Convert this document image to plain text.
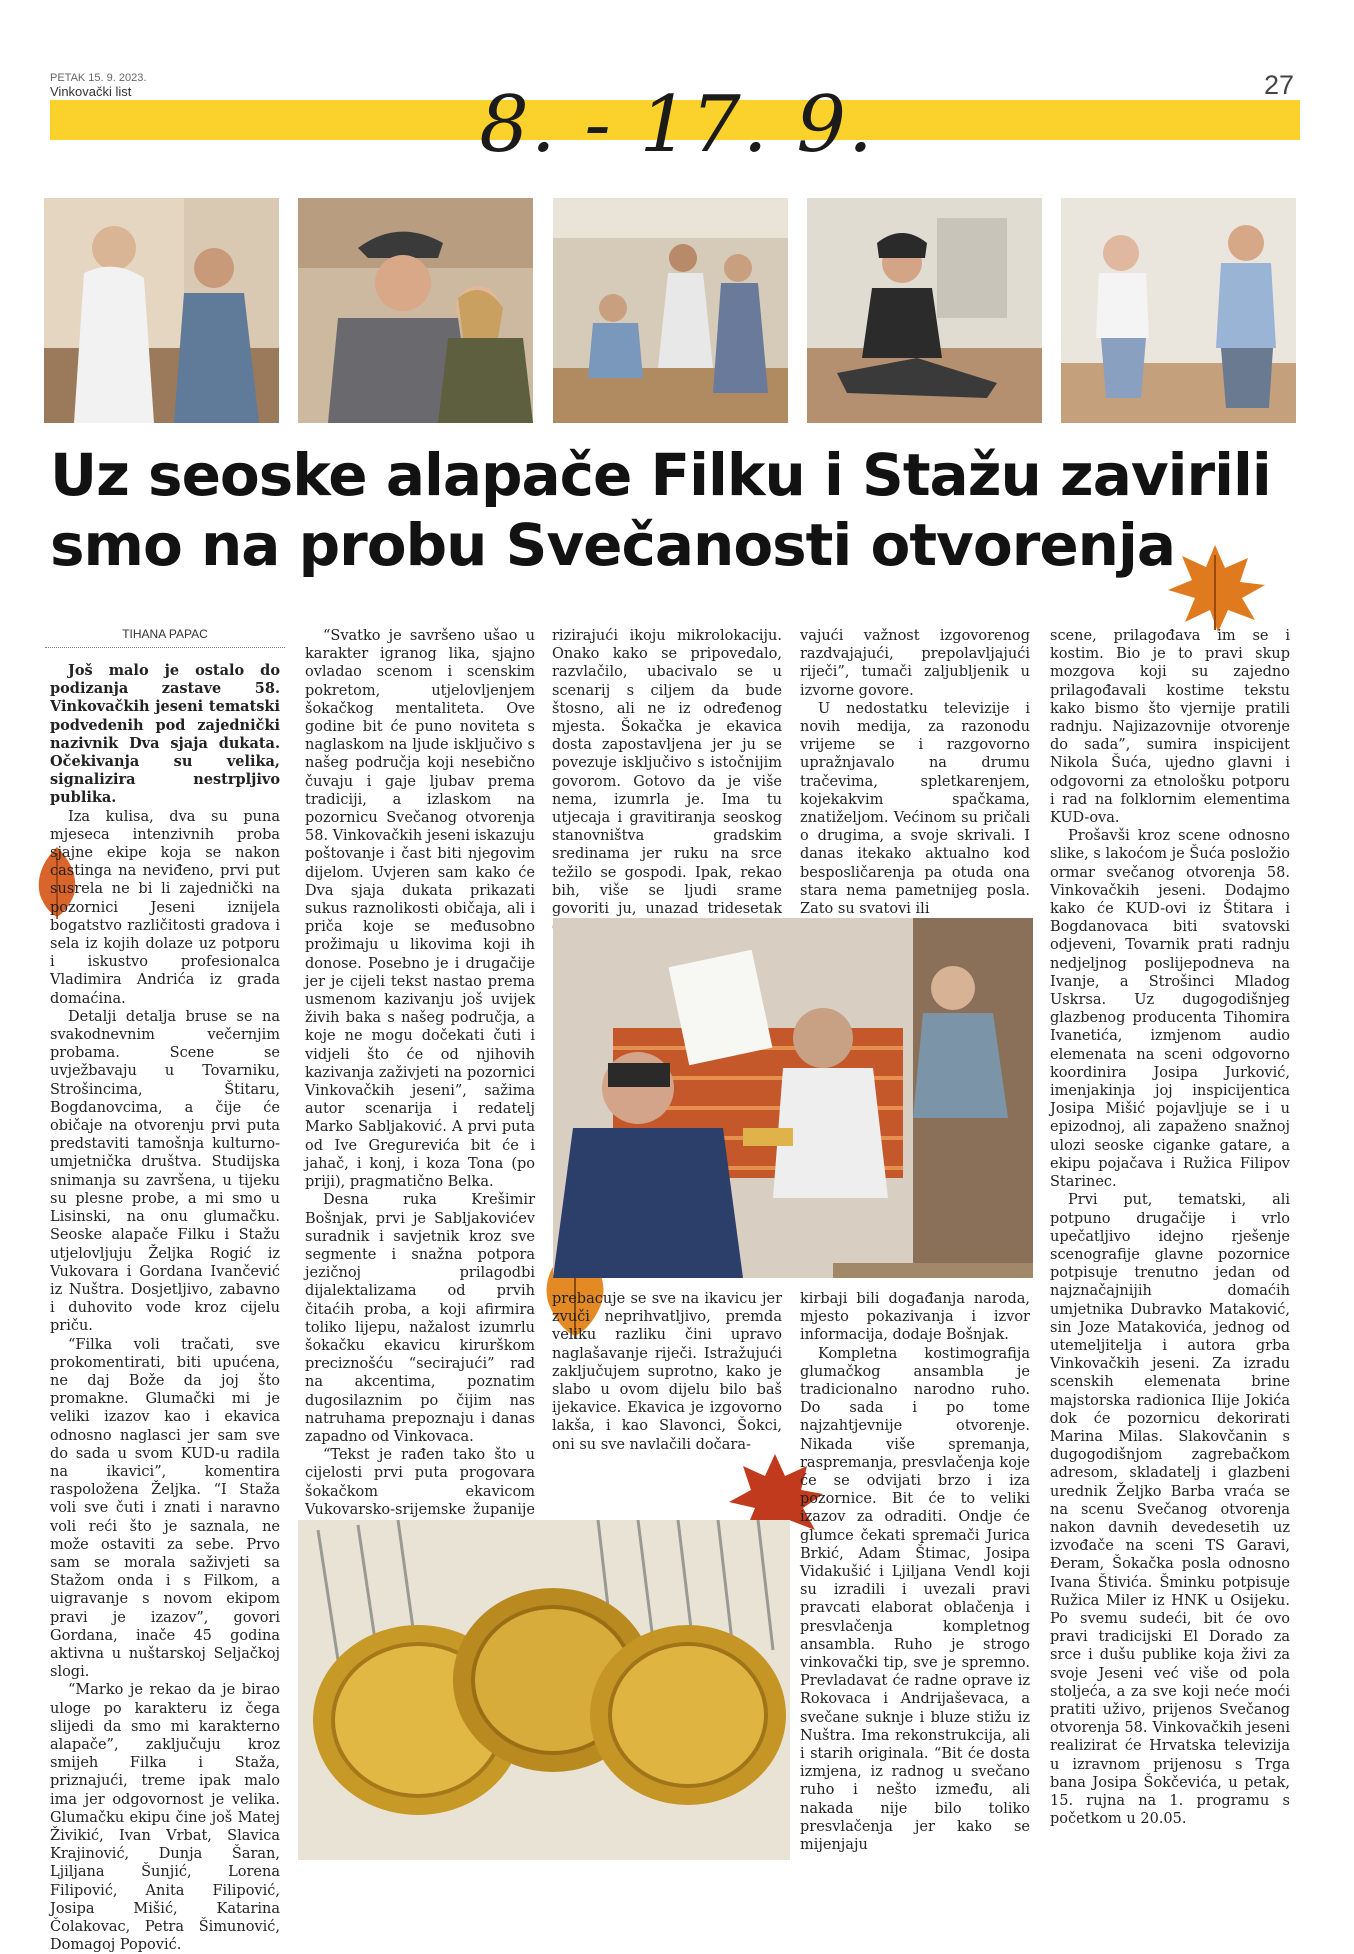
PETAK 15. 9. 2023.
Vinkovački list	27
8. - 17. 9.
Uz seoske alapače Filku i Stažu zavirili
smo na probu Svečanosti otvorenja
TIHANA PAPAC

Još malo je ostalo do podizanja zastave 58. Vinkovačkih jeseni tematski podvedenih pod zajednički nazivnik Dva sjaja dukata. Očekivanja su velika, signalizira nestrpljivo publika.

Iza kulisa, dva su puna mjeseca intenzivnih proba sjajne ekipe koja se nakon castinga na neviđeno, prvi put susrela ne bi li zajednički na pozornici Jeseni iznijela bogatstvo različitosti gradova i sela iz kojih dolaze uz potporu i iskustvo profesionalca Vladimira Andrića iz grada domaćina.

Detalji detalja bruse se na svakodnevnim večernjim probama. Scene se uvježbavaju u Tovarniku, Strošincima, Štitaru, Bogdanovcima, a čije će običaje na otvorenju prvi puta predstaviti tamošnja kulturno-umjetnička društva. Studijska snimanja su završena, u tijeku su plesne probe, a mi smo u Lisinski, na onu glumačku. Seoske alapače Filku i Stažu utjelovljuju Željka Rogić iz Vukovara i Gordana Ivančević iz Nuštra. Dosjetljivo, zabavno i duhovito vode kroz cijelu priču.

“Filka voli tračati, sve prokomentirati, biti upućena, ne daj Bože da joj što promakne. Glumački mi je veliki izazov kao i ekavica odnosno naglasci jer sam sve do sada u svom KUD-u radila na ikavici”, komentira raspoložena Željka. “I Staža voli sve čuti i znati i naravno voli reći što je saznala, ne može ostaviti za sebe. Prvo sam se morala saživjeti sa Stažom onda i s Filkom, a uigravanje s novom ekipom pravi je izazov”, govori Gordana, inače 45 godina aktivna u nuštarskoj Seljačkoj slogi.

“Marko je rekao da je birao uloge po karakteru iz čega slijedi da smo mi karakterno alapače”, zaključuju kroz smijeh Filka i Staža, priznajući, treme ipak malo ima jer odgovornost je velika. Glumačku ekipu čine još Matej Živikić, Ivan Vrbat, Slavica Krajinović, Dunja Šaran, Ljiljana Šunjić, Lorena Filipović, Anita Filipović, Josipa Mišić, Katarina Čolakovac, Petra Šimunović, Domagoj Popović.

“Svatko je savršeno ušao u karakter igranog lika, sjajno ovladao scenom i scenskim pokretom, utjelovljenjem šokačkog mentaliteta. Ove godine bit će puno noviteta s naglaskom na ljude isključivo s našeg područja koji nesebično čuvaju i gaje ljubav prema tradiciji, a izlaskom na pozornicu Svečanog otvorenja 58. Vinkovačkih jeseni iskazuju poštovanje i čast biti njegovim dijelom. Uvjeren sam kako će Dva sjaja dukata prikazati sukus raznolikosti običaja, ali i priča koje se međusobno prožimaju u likovima koji ih donose. Posebno je i drugačije jer je cijeli tekst nastao prema usmenom kazivanju još uvijek živih baka s našeg područja, a koje ne mogu dočekati čuti i vidjeli što će od njihovih kazivanja zaživjeti na pozornici Vinkovačkih jeseni”, sažima autor scenarija i redatelj Marko Sabljaković. A prvi puta od Ive Gregurevića bit će i jahač, i konj, i koza Tona (po priji), pragmatično Belka.

Desna ruka Krešimir Bošnjak, prvi je Sabljakovićev suradnik i savjetnik kroz sve segmente i snažna potpora jezičnoj prilagodbi dijalektalizama od prvih čitaćih proba, a koji afirmira toliko lijepu, nažalost izumrlu šokačku ekavicu kirurškom preciznošću “secirajući” rad na akcentima, poznatim dugosilaznim po čijim nas natruhama prepoznaju i danas zapadno od Vinkovaca.

“Tekst je rađen tako što u cijelosti prvi puta progovara šokačkom ekavicom Vukovarsko-srijemske županije

rizirajući ikoju mikrolokaciju. Onako kako se pripovedalo, razvlačilo, ubacivalo se u scenarij s ciljem da bude štosno, ali ne iz određenog mjesta. Šokačka je ekavica dosta zapostavljena jer ju se povezuje isključivo s istočnijim govorom. Gotovo da je više nema, izumrla je. Ima tu utjecaja i gravitiranja seoskog stanovništva gradskim sredinama jer ruku na srce težilo se gospodi. Ipak, rekao bih, više se ljudi srame govoriti ju, unazad tridesetak

vajući važnost izgovorenog razdvajajući, prepolavljajući riječi”, tumači zaljubljenik u izvorne govore.

U nedostatku televizije i novih medija, za razonodu vrijeme se i razgovorno upražnjavalo na drumu tračevima, spletkarenjem, kojekakvim spačkama, znatiželjom. Većinom su pričali o drugima, a svoje skrivali. I danas itekako aktualno kod besposličarenja pa otuda ona stara nema pametnijeg posla. Zato su svatovi ili

prebacuje se sve na ikavicu jer zvuči neprihvatljivo, premda veliku razliku čini upravo naglašavanje riječi. Istražujući zaključujem suprotno, kako je slabo u ovom dijelu bilo baš ijekavice. Ekavica je izgovorno lakša, i kao Slavonci, Šokci, oni su sve navlačili dočara-

kirbaji bili događanja naroda, mjesto pokazivanja i izvor informacija, dodaje Bošnjak.

Kompletna kostimografija glumačkog ansambla je tradicionalno narodno ruho. Do sada i po tome najzahtjevnije otvorenje. Nikada više spremanja, raspremanja, presvlačenja koje će se odvijati brzo i iza pozornice. Bit će to veliki izazov za odraditi. Ondje će glumce čekati spremači Jurica Brkić, Adam Štimac, Josipa Vidakušić i Ljiljana Vendl koji su izradili i uvezali pravi pravcati elaborat oblačenja i presvlačenja kompletnog ansambla. Ruho je strogo vinkovački tip, sve je spremno. Prevladavat će radne oprave iz Rokovaca i Andrijaševaca, a svečane suknje i bluze stižu iz Nuštra. Ima rekonstrukcija, ali i starih originala. “Bit će dosta izmjena, iz radnog u svečano ruho i nešto između, ali nakada nije bilo toliko presvlačenja jer kako se mijenjaju

scene, prilagođava im se i kostim. Bio je to pravi skup mozgova koji su zajedno prilagođavali kostime tekstu kako bismo što vjernije pratili radnju. Najizazovnije otvorenje do sada”, sumira inspicijent Nikola Šuća, ujedno glavni i odgovorni za etnološku potporu i rad na folklornim elementima KUD-ova.

Prošavši kroz scene odnosno slike, s lakoćom je Šuća posložio ormar svečanog otvorenja 58. Vinkovačkih jeseni. Dodajmo kako će KUD-ovi iz Štitara i Bogdanovaca biti svatovski odjeveni, Tovarnik prati radnju nedjeljnog poslijepodneva na Ivanje, a Strošinci Mladog Uskrsa. Uz dugogodišnjeg glazbenog producenta Tihomira Ivanetića, izmjenom audio elemenata na sceni odgovorno koordinira Josipa Jurković, imenjakinja joj inspicijentica Josipa Mišić pojavljuje se i u epizodnoj, ali zapaženo snažnoj ulozi seoske ciganke gatare, a ekipu pojačava i Ružica Filipov Starinec.

Prvi put, tematski, ali potpuno drugačije i vrlo upečatljivo idejno rješenje scenografije glavne pozornice potpisuje trenutno jedan od najznačajnijih domaćih umjetnika Dubravko Mataković, sin Joze Matakovića, jednog od utemeljitelja i autora grba Vinkovačkih jeseni. Za izradu scenskih elemenata brine majstorska radionica Ilije Jokića dok će pozornicu dekorirati Marina Milas. Slakovčanin s dugogodišnjom zagrebačkom adresom, skladatelj i glazbeni urednik Željko Barba vraća se na scenu Svečanog otvorenja nakon davnih devedesetih uz izvođače na sceni TS Garavi, Đeram, Šokačka posla odnosno Ivana Štivića. Šminku potpisuje Ružica Miler iz HNK u Osijeku. Po svemu sudeći, bit će ovo pravi tradicijski El Dorado za srce i dušu publike koja živi za svoje Jeseni već više od pola stoljeća, a za sve koji neće moći pratiti uživo, prijenos Svečanog otvorenja 58. Vinkovačkih jeseni realizirat će Hrvatska televizija u izravnom prijenosu s Trga bana Josipa Šokčevića, u petak, 15. rujna na 1. programu s početkom u 20.05.
